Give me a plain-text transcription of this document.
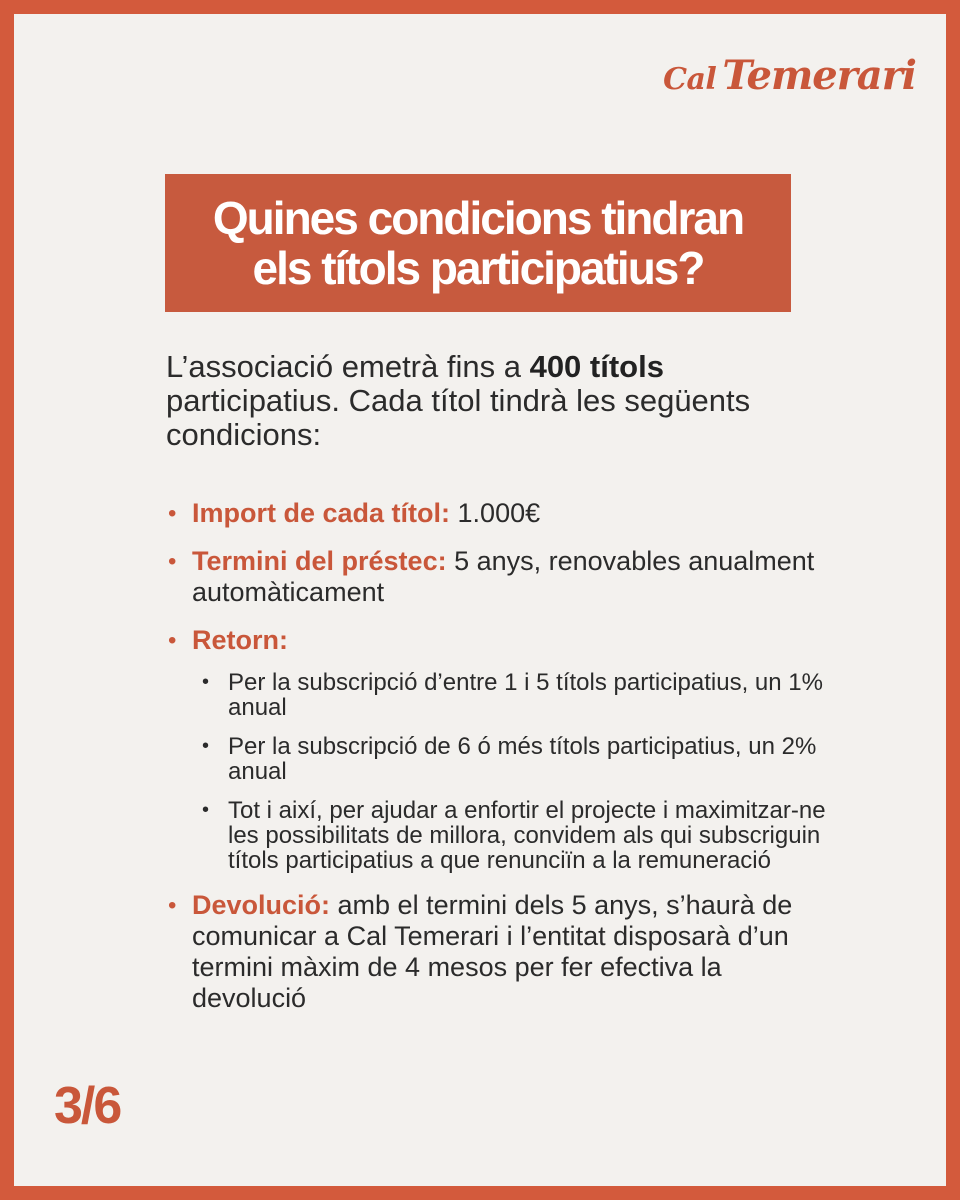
Cal Temerari
Quines condicions tindran
els títols participatius?

L’associació emetrà fins a 400 títols participatius. Cada títol tindrà les següents condicions:

• Import de cada títol: 1.000€
• Termini del préstec: 5 anys, renovables anualment automàticament
• Retorn:
• Per la subscripció d’entre 1 i 5 títols participatius, un 1% anual
• Per la subscripció de 6 ó més títols participatius, un 2% anual
• Tot i així, per ajudar a enfortir el projecte i maximitzar-ne les possibilitats de millora, convidem als qui subscriguin títols participatius a que renunciïn a la remuneració
• Devolució: amb el termini dels 5 anys, s’haurà de comunicar a Cal Temerari i l’entitat disposarà d’un termini màxim de 4 mesos per fer efectiva la devolució
3/6
